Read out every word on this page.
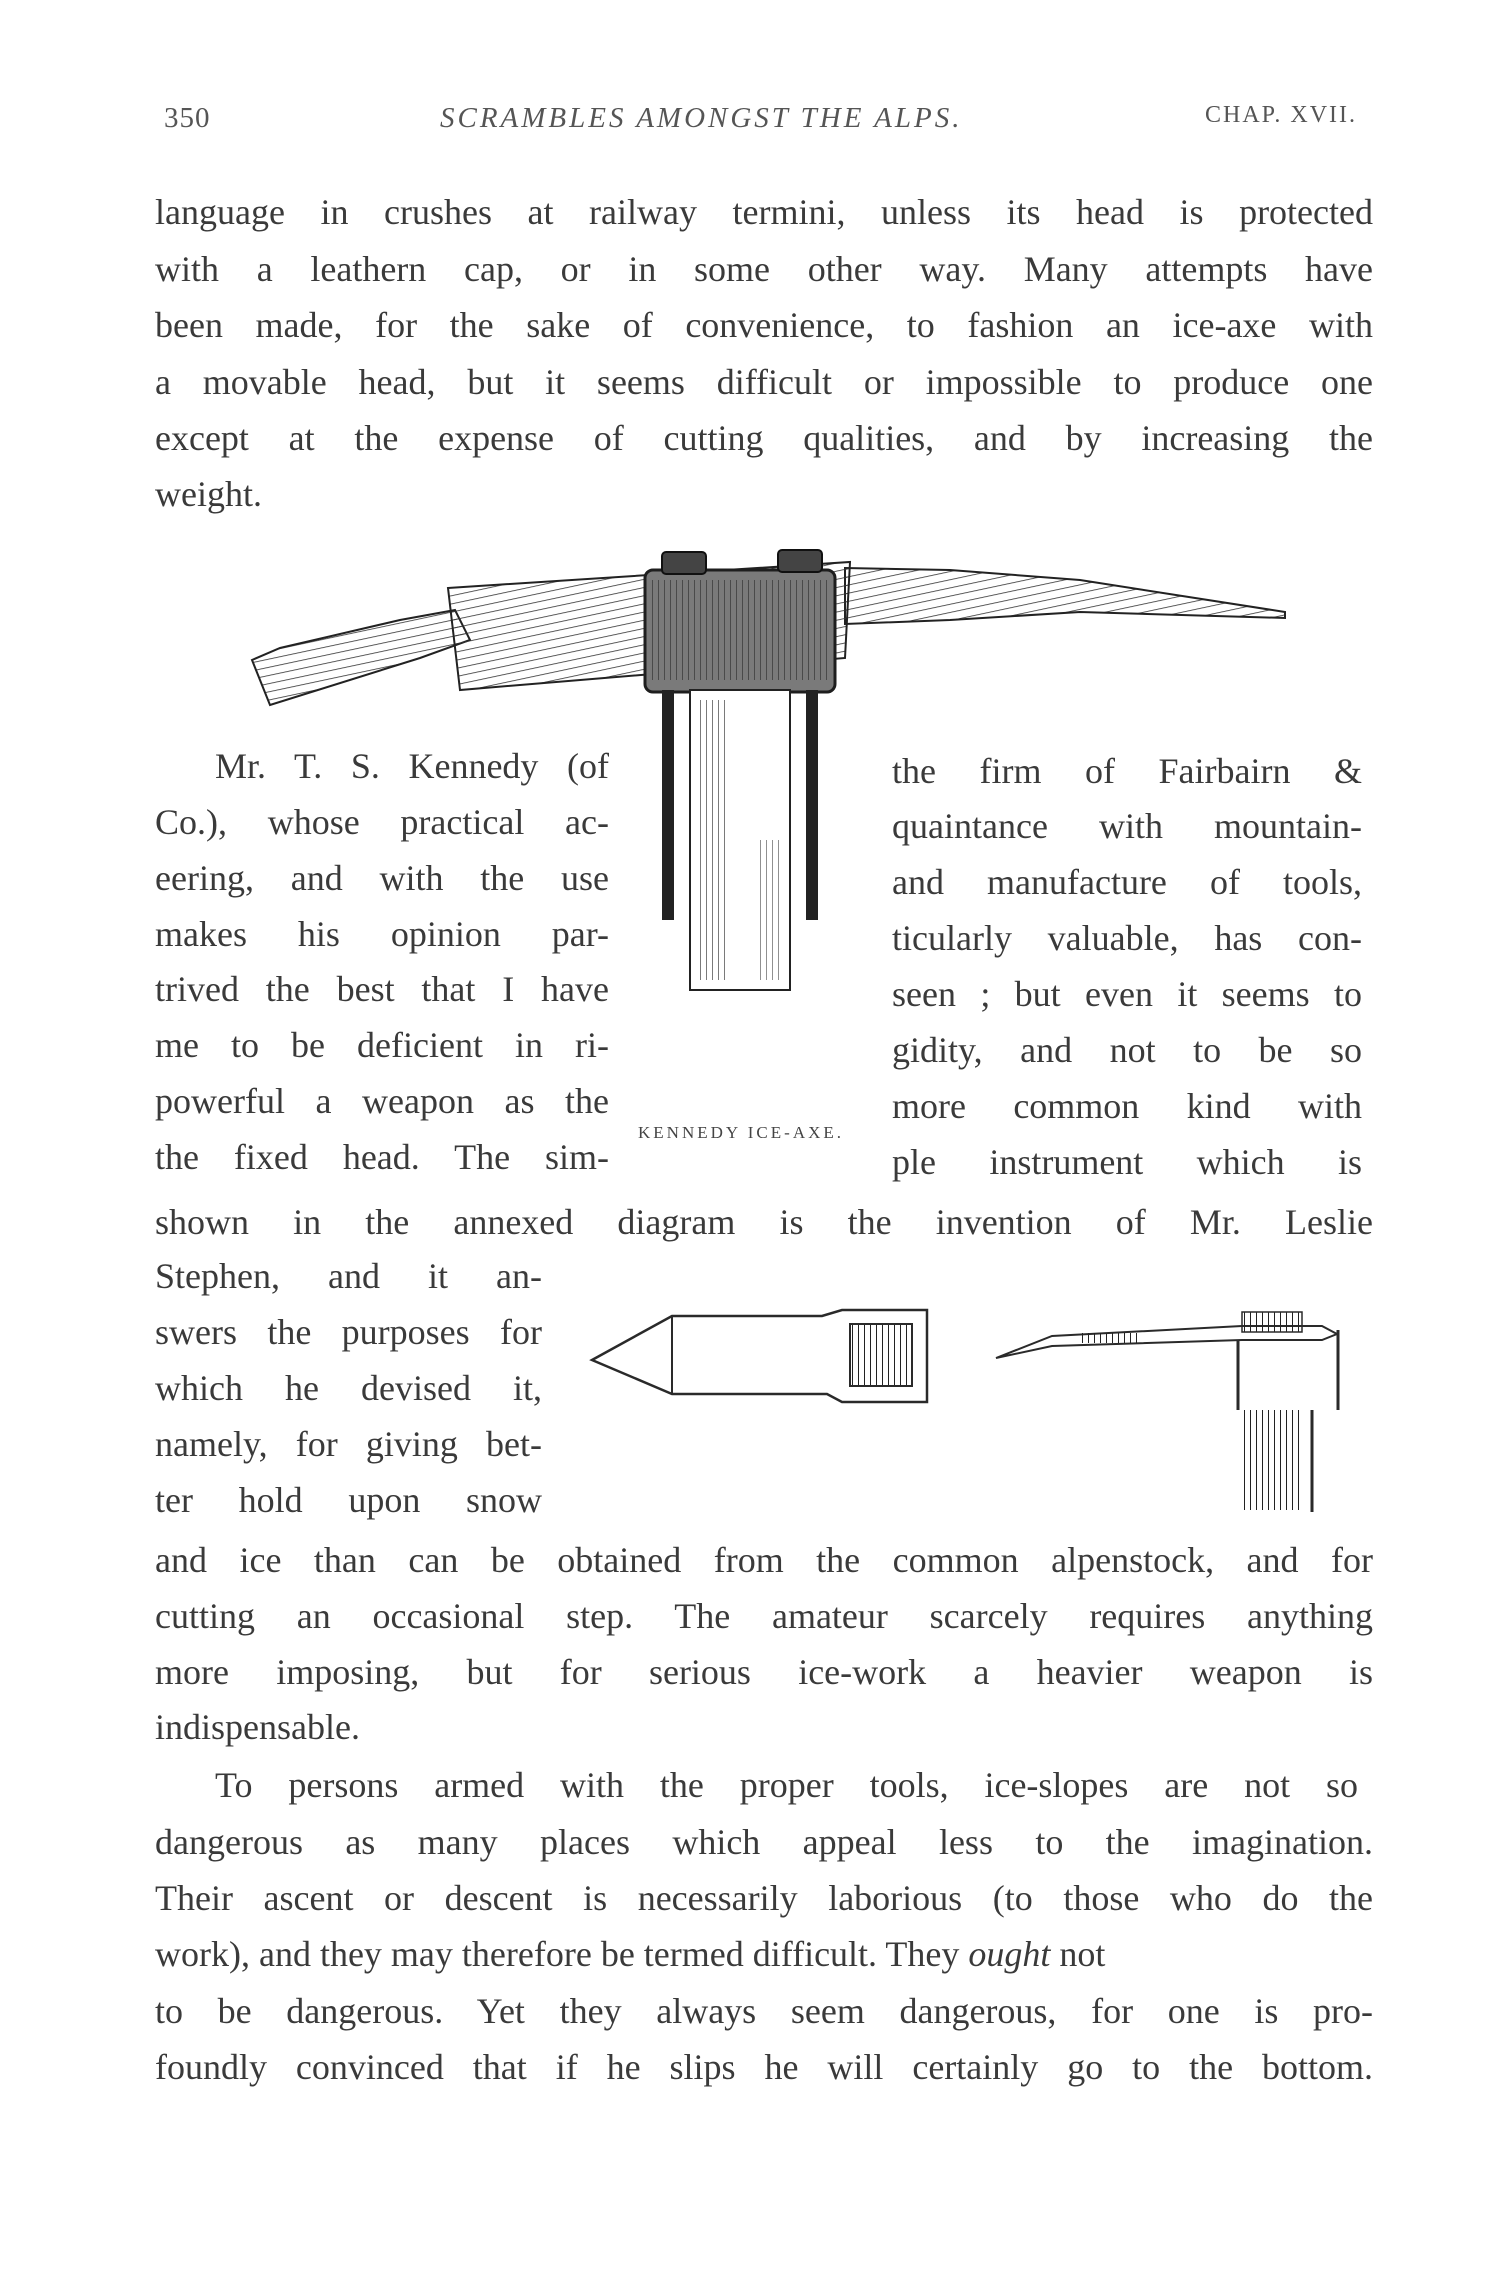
350	SCRAMBLES AMONGST THE ALPS.	CHAP. XVII.
language in crushes at railway termini, unless its head is protected
with a leathern cap, or in some other way. Many attempts have
been made, for the sake of convenience, to fashion an ice-axe with
a movable head, but it seems difficult or impossible to produce one
except at the expense of cutting qualities, and by increasing the
weight.
Mr. T. S. Kennedy (of
Co.), whose practical ac-
eering, and with the use
makes his opinion par-
trived the best that I have
me to be deficient in ri-
powerful a weapon as the
the fixed head. The sim-
the firm of Fairbairn &
quaintance with mountain-
and manufacture of tools,
ticularly valuable, has con-
seen ; but even it seems to
gidity, and not to be so
more common kind with
ple instrument which is
KENNEDY ICE-AXE.
shown in the annexed diagram is the invention of Mr. Leslie
Stephen, and it an-
swers the purposes for
which he devised it,
namely, for giving bet-
ter hold upon snow
and ice than can be obtained from the common alpenstock, and for
cutting an occasional step. The amateur scarcely requires anything
more imposing, but for serious ice-work a heavier weapon is
indispensable.
To persons armed with the proper tools, ice-slopes are not so
dangerous as many places which appeal less to the imagination.
Their ascent or descent is necessarily laborious (to those who do the
work), and they may therefore be termed difficult. They ought not
to be dangerous. Yet they always seem dangerous, for one is pro-
foundly convinced that if he slips he will certainly go to the bottom.
